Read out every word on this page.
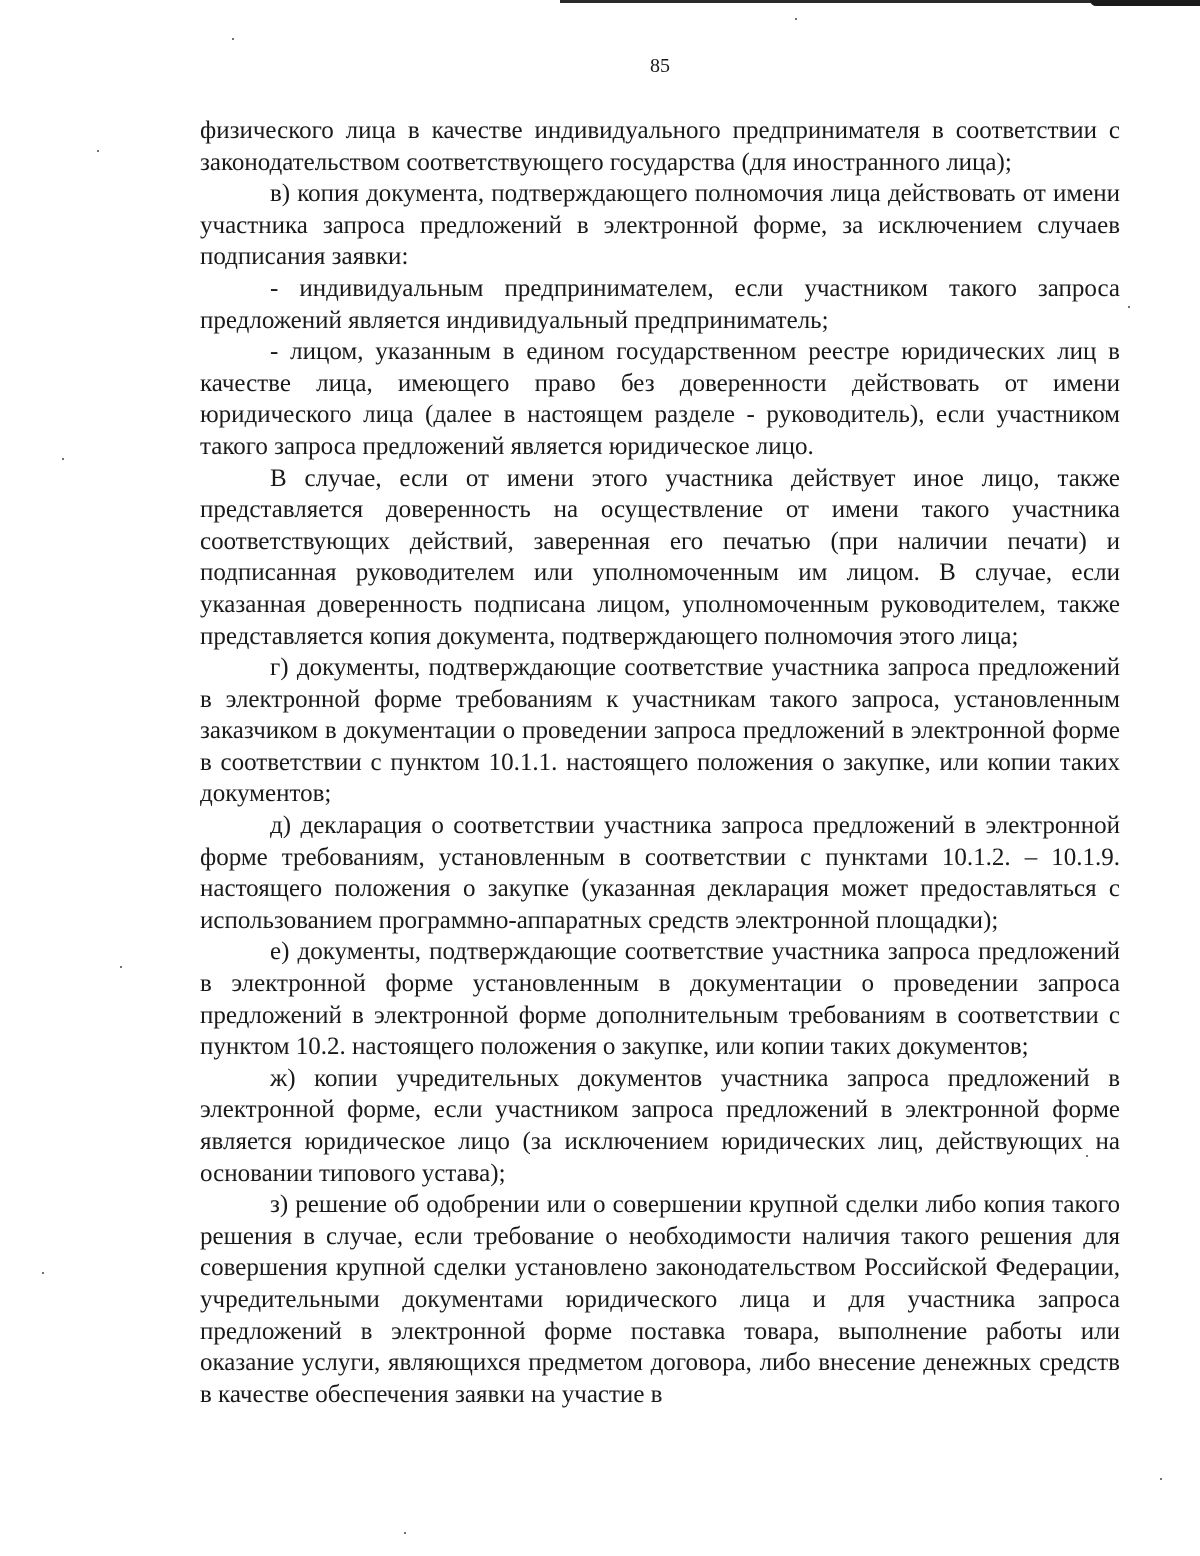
85

физического лица в качестве индивидуального предпринимателя в соответствии с законодательством соответствующего государства (для иностранного лица);

в) копия документа, подтверждающего полномочия лица действовать от имени участника запроса предложений в электронной форме, за исключением случаев подписания заявки:

- индивидуальным предпринимателем, если участником такого запроса предложений является индивидуальный предприниматель;

- лицом, указанным в едином государственном реестре юридических лиц в качестве лица, имеющего право без доверенности действовать от имени юридического лица (далее в настоящем разделе - руководитель), если участником такого запроса предложений является юридическое лицо.

В случае, если от имени этого участника действует иное лицо, также представляется доверенность на осуществление от имени такого участника соответствующих действий, заверенная его печатью (при наличии печати) и подписанная руководителем или уполномоченным им лицом. В случае, если указанная доверенность подписана лицом, уполномоченным руководителем, также представляется копия документа, подтверждающего полномочия этого лица;

г) документы, подтверждающие соответствие участника запроса предложений в электронной форме требованиям к участникам такого запроса, установленным заказчиком в документации о проведении запроса предложений в электронной форме в соответствии с пунктом 10.1.1. настоящего положения о закупке, или копии таких документов;

д) декларация о соответствии участника запроса предложений в электронной форме требованиям, установленным в соответствии с пунктами 10.1.2. – 10.1.9. настоящего положения о закупке (указанная декларация может предоставляться с использованием программно-аппаратных средств электронной площадки);

е) документы, подтверждающие соответствие участника запроса предложений в электронной форме установленным в документации о проведении запроса предложений в электронной форме дополнительным требованиям в соответствии с пунктом 10.2. настоящего положения о закупке, или копии таких документов;

ж) копии учредительных документов участника запроса предложений в электронной форме, если участником запроса предложений в электронной форме является юридическое лицо (за исключением юридических лиц, действующих на основании типового устава);

з) решение об одобрении или о совершении крупной сделки либо копия такого решения в случае, если требование о необходимости наличия такого решения для совершения крупной сделки установлено законодательством Российской Федерации, учредительными документами юридического лица и для участника запроса предложений в электронной форме поставка товара, выполнение работы или оказание услуги, являющихся предметом договора, либо внесение денежных средств в качестве обеспечения заявки на участие в
